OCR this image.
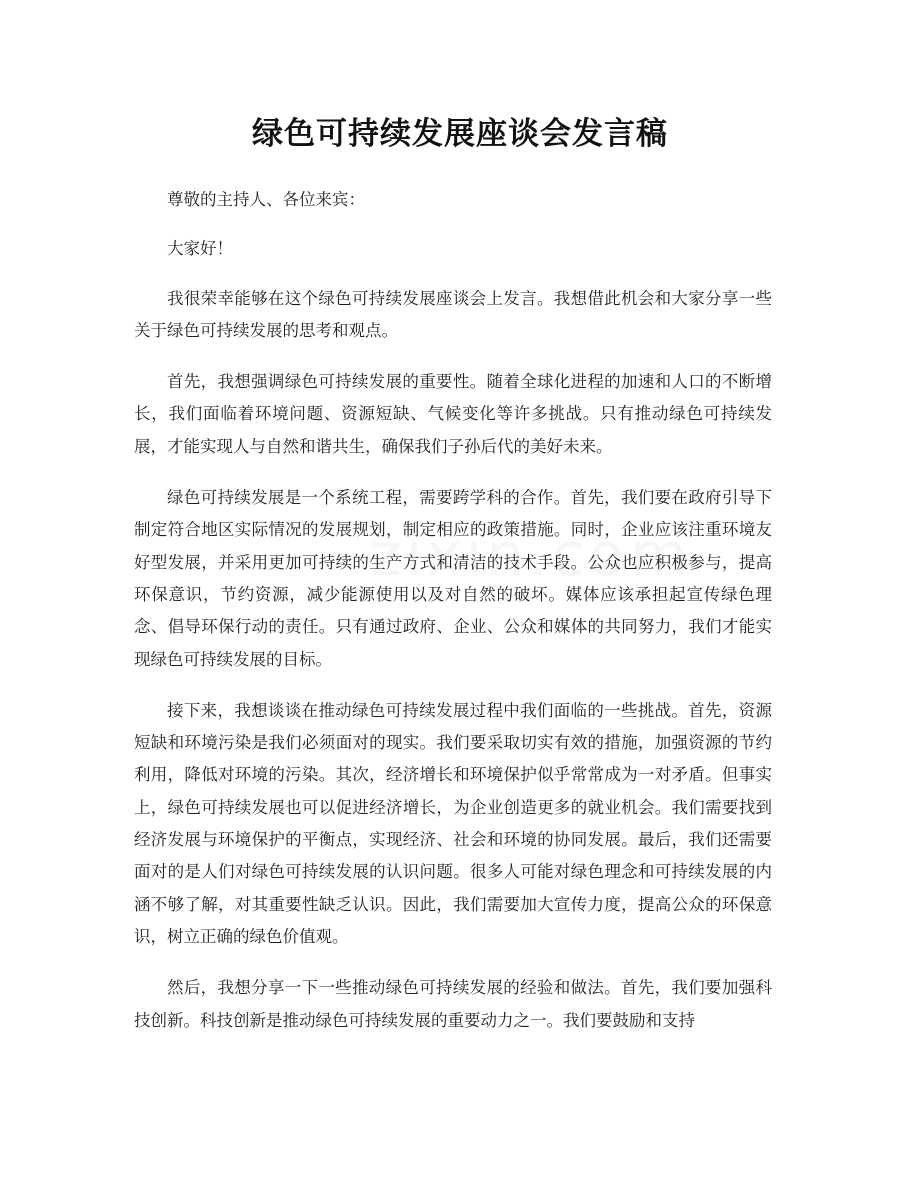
绿色可持续发展座谈会发言稿

尊敬的主持人、各位来宾：

大家好！

我很荣幸能够在这个绿色可持续发展座谈会上发言。我想借此机会和大家分享一些关于绿色可持续发展的思考和观点。

首先，我想强调绿色可持续发展的重要性。随着全球化进程的加速和人口的不断增长，我们面临着环境问题、资源短缺、气候变化等许多挑战。只有推动绿色可持续发展，才能实现人与自然和谐共生，确保我们子孙后代的美好未来。

绿色可持续发展是一个系统工程，需要跨学科的合作。首先，我们要在政府引导下制定符合地区实际情况的发展规划，制定相应的政策措施。同时，企业应该注重环境友好型发展，并采用更加可持续的生产方式和清洁的技术手段。公众也应积极参与，提高环保意识，节约资源，减少能源使用以及对自然的破坏。媒体应该承担起宣传绿色理念、倡导环保行动的责任。只有通过政府、企业、公众和媒体的共同努力，我们才能实现绿色可持续发展的目标。

接下来，我想谈谈在推动绿色可持续发展过程中我们面临的一些挑战。首先，资源短缺和环境污染是我们必须面对的现实。我们要采取切实有效的措施，加强资源的节约利用，降低对环境的污染。其次，经济增长和环境保护似乎常常成为一对矛盾。但事实上，绿色可持续发展也可以促进经济增长，为企业创造更多的就业机会。我们需要找到经济发展与环境保护的平衡点，实现经济、社会和环境的协同发展。最后，我们还需要面对的是人们对绿色可持续发展的认识问题。很多人可能对绿色理念和可持续发展的内涵不够了解，对其重要性缺乏认识。因此，我们需要加大宣传力度，提高公众的环保意识，树立正确的绿色价值观。

然后，我想分享一下一些推动绿色可持续发展的经验和做法。首先，我们要加强科技创新。科技创新是推动绿色可持续发展的重要动力之一。我们要鼓励和支持
